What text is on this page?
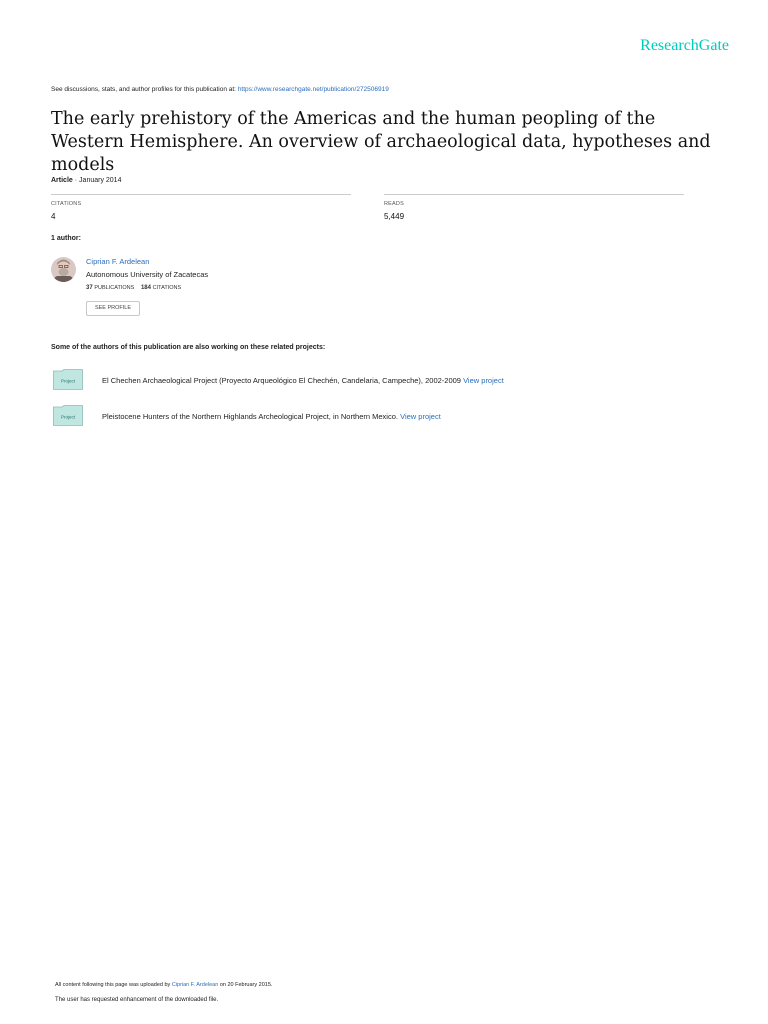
ResearchGate
See discussions, stats, and author profiles for this publication at: https://www.researchgate.net/publication/272506919
The early prehistory of the Americas and the human peopling of the Western Hemisphere. An overview of archaeological data, hypotheses and models
Article · January 2014
CITATIONS
4
READS
5,449
1 author:
Ciprian F. Ardelean
Autonomous University of Zacatecas
37 PUBLICATIONS 184 CITATIONS
SEE PROFILE
Some of the authors of this publication are also working on these related projects:
Project	El Chechen Archaeological Project (Proyecto Arqueológico El Chechén, Candelaria, Campeche), 2002-2009 View project
Project	Pleistocene Hunters of the Northern Highlands Archeological Project, in Northern Mexico. View project
All content following this page was uploaded by Ciprian F. Ardelean on 20 February 2015.
The user has requested enhancement of the downloaded file.
